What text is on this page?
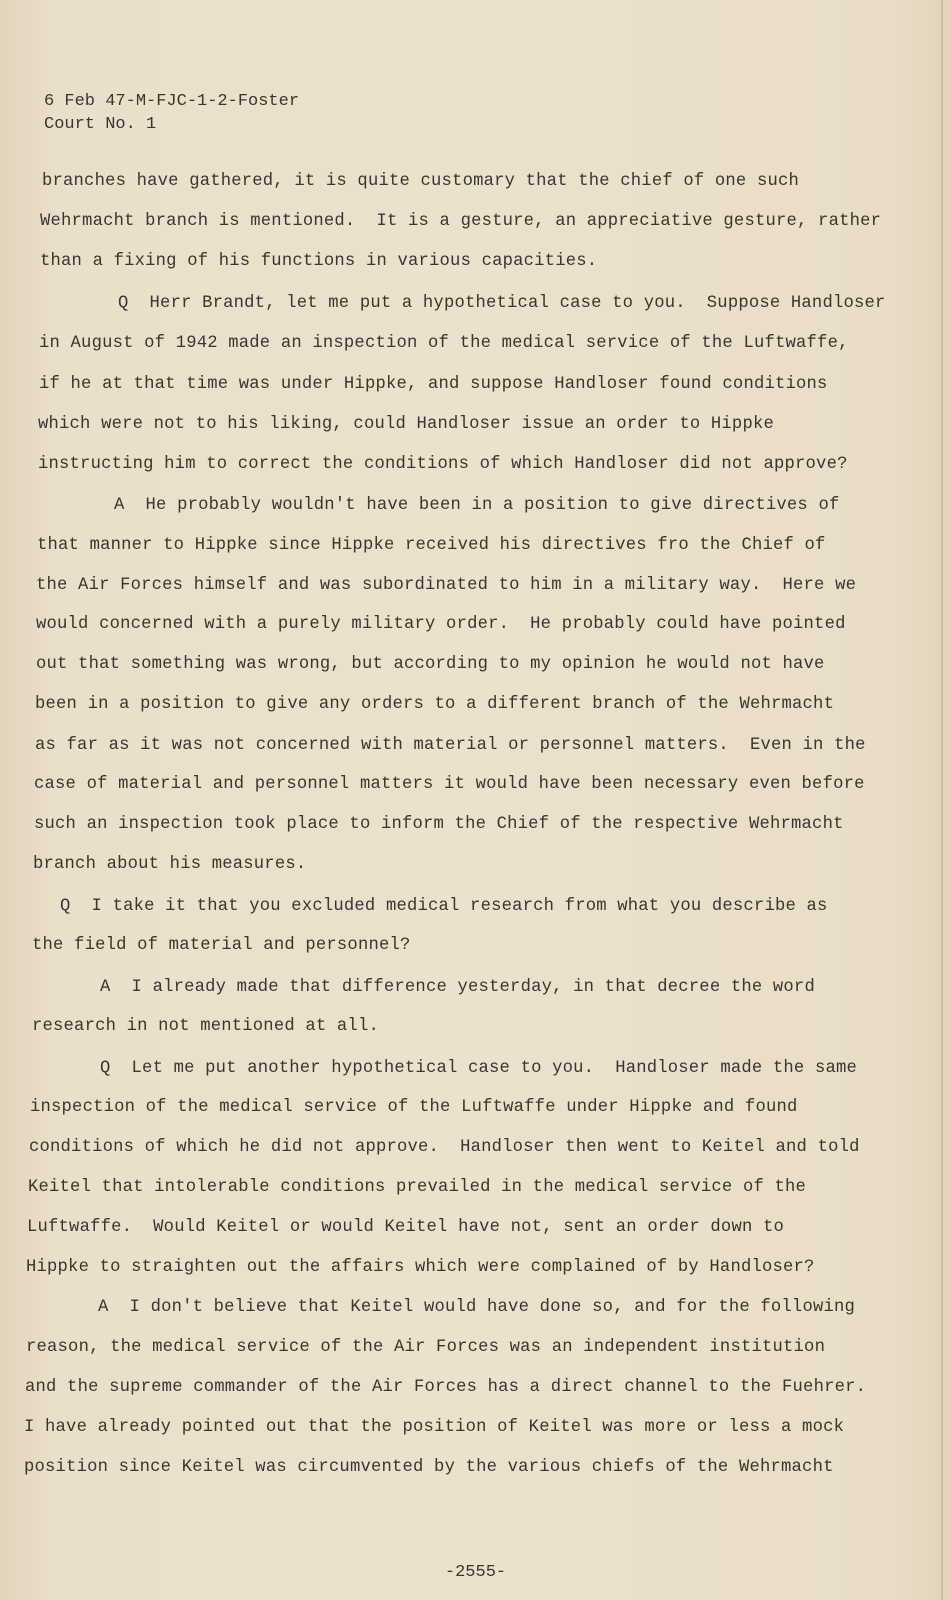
6 Feb 47-M-FJC-1-2-Foster
Court No. 1
branches have gathered, it is quite customary that the chief of one such
Wehrmacht branch is mentioned.  It is a gesture, an appreciative gesture, rather
than a fixing of his functions in various capacities.
Q  Herr Brandt, let me put a hypothetical case to you.  Suppose Handloser
in August of 1942 made an inspection of the medical service of the Luftwaffe,
if he at that time was under Hippke, and suppose Handloser found conditions
which were not to his liking, could Handloser issue an order to Hippke
instructing him to correct the conditions of which Handloser did not approve?
A  He probably wouldn't have been in a position to give directives of
that manner to Hippke since Hippke received his directives fro the Chief of
the Air Forces himself and was subordinated to him in a military way.  Here we
would concerned with a purely military order.  He probably could have pointed
out that something was wrong, but according to my opinion he would not have
been in a position to give any orders to a different branch of the Wehrmacht
as far as it was not concerned with material or personnel matters.  Even in the
case of material and personnel matters it would have been necessary even before
such an inspection took place to inform the Chief of the respective Wehrmacht
branch about his measures.
Q  I take it that you excluded medical research from what you describe as
the field of material and personnel?
A  I already made that difference yesterday, in that decree the word
research in not mentioned at all.
Q  Let me put another hypothetical case to you.  Handloser made the same
inspection of the medical service of the Luftwaffe under Hippke and found
conditions of which he did not approve.  Handloser then went to Keitel and told
Keitel that intolerable conditions prevailed in the medical service of the
Luftwaffe.  Would Keitel or would Keitel have not, sent an order down to
Hippke to straighten out the affairs which were complained of by Handloser?
A  I don't believe that Keitel would have done so, and for the following
reason, the medical service of the Air Forces was an independent institution
and the supreme commander of the Air Forces has a direct channel to the Fuehrer.
I have already pointed out that the position of Keitel was more or less a mock
position since Keitel was circumvented by the various chiefs of the Wehrmacht
-2555-
